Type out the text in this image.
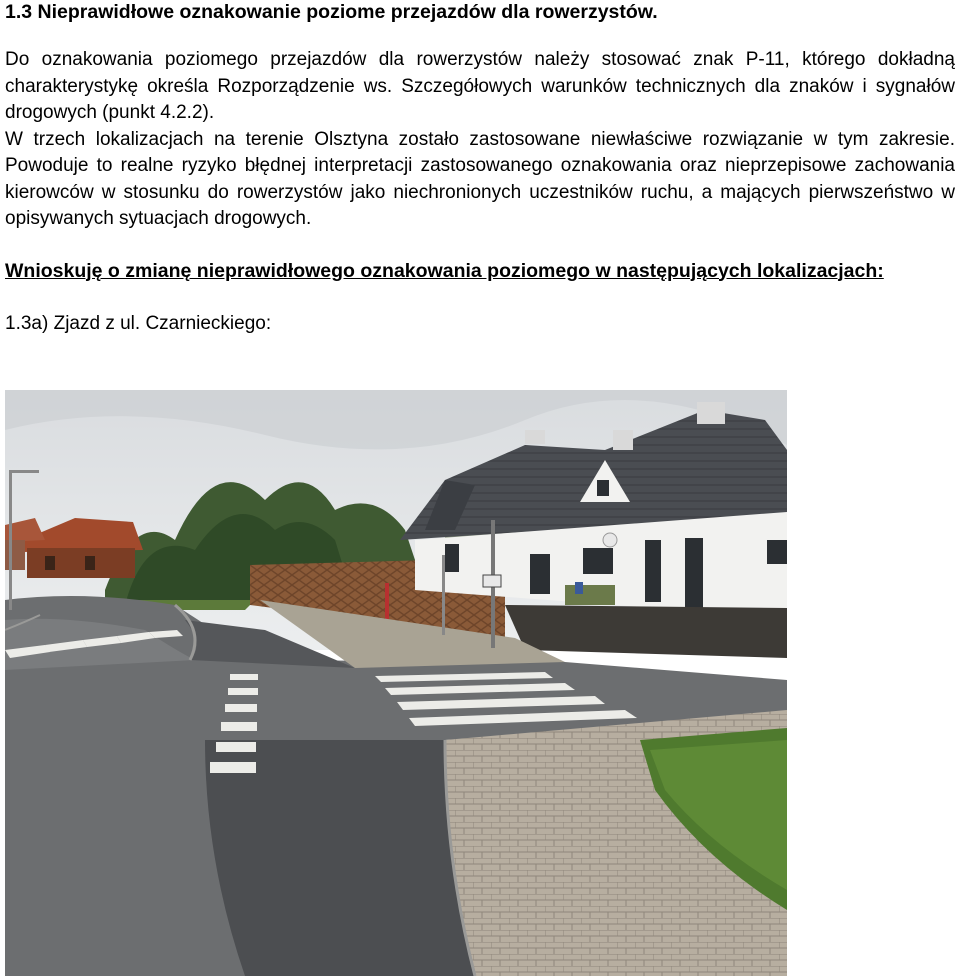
1.3 Nieprawidłowe oznakowanie poziome przejazdów dla rowerzystów.

Do oznakowania poziomego przejazdów dla rowerzystów należy stosować znak P-11, którego dokładną charakterystykę określa Rozporządzenie ws. Szczegółowych warunków technicznych dla znaków i sygnałów drogowych (punkt 4.2.2).

W trzech lokalizacjach na terenie Olsztyna zostało zastosowane niewłaściwe rozwiązanie w tym zakresie. Powoduje to realne ryzyko błędnej interpretacji zastosowanego oznakowania oraz nieprzepisowe zachowania kierowców w stosunku do rowerzystów jako niechronionych uczestników ruchu, a mających pierwszeństwo w opisywanych sytuacjach drogowych.

Wnioskuję o zmianę nieprawidłowego oznakowania poziomego w następujących lokalizacjach:

1.3a) Zjazd z ul. Czarnieckiego:
